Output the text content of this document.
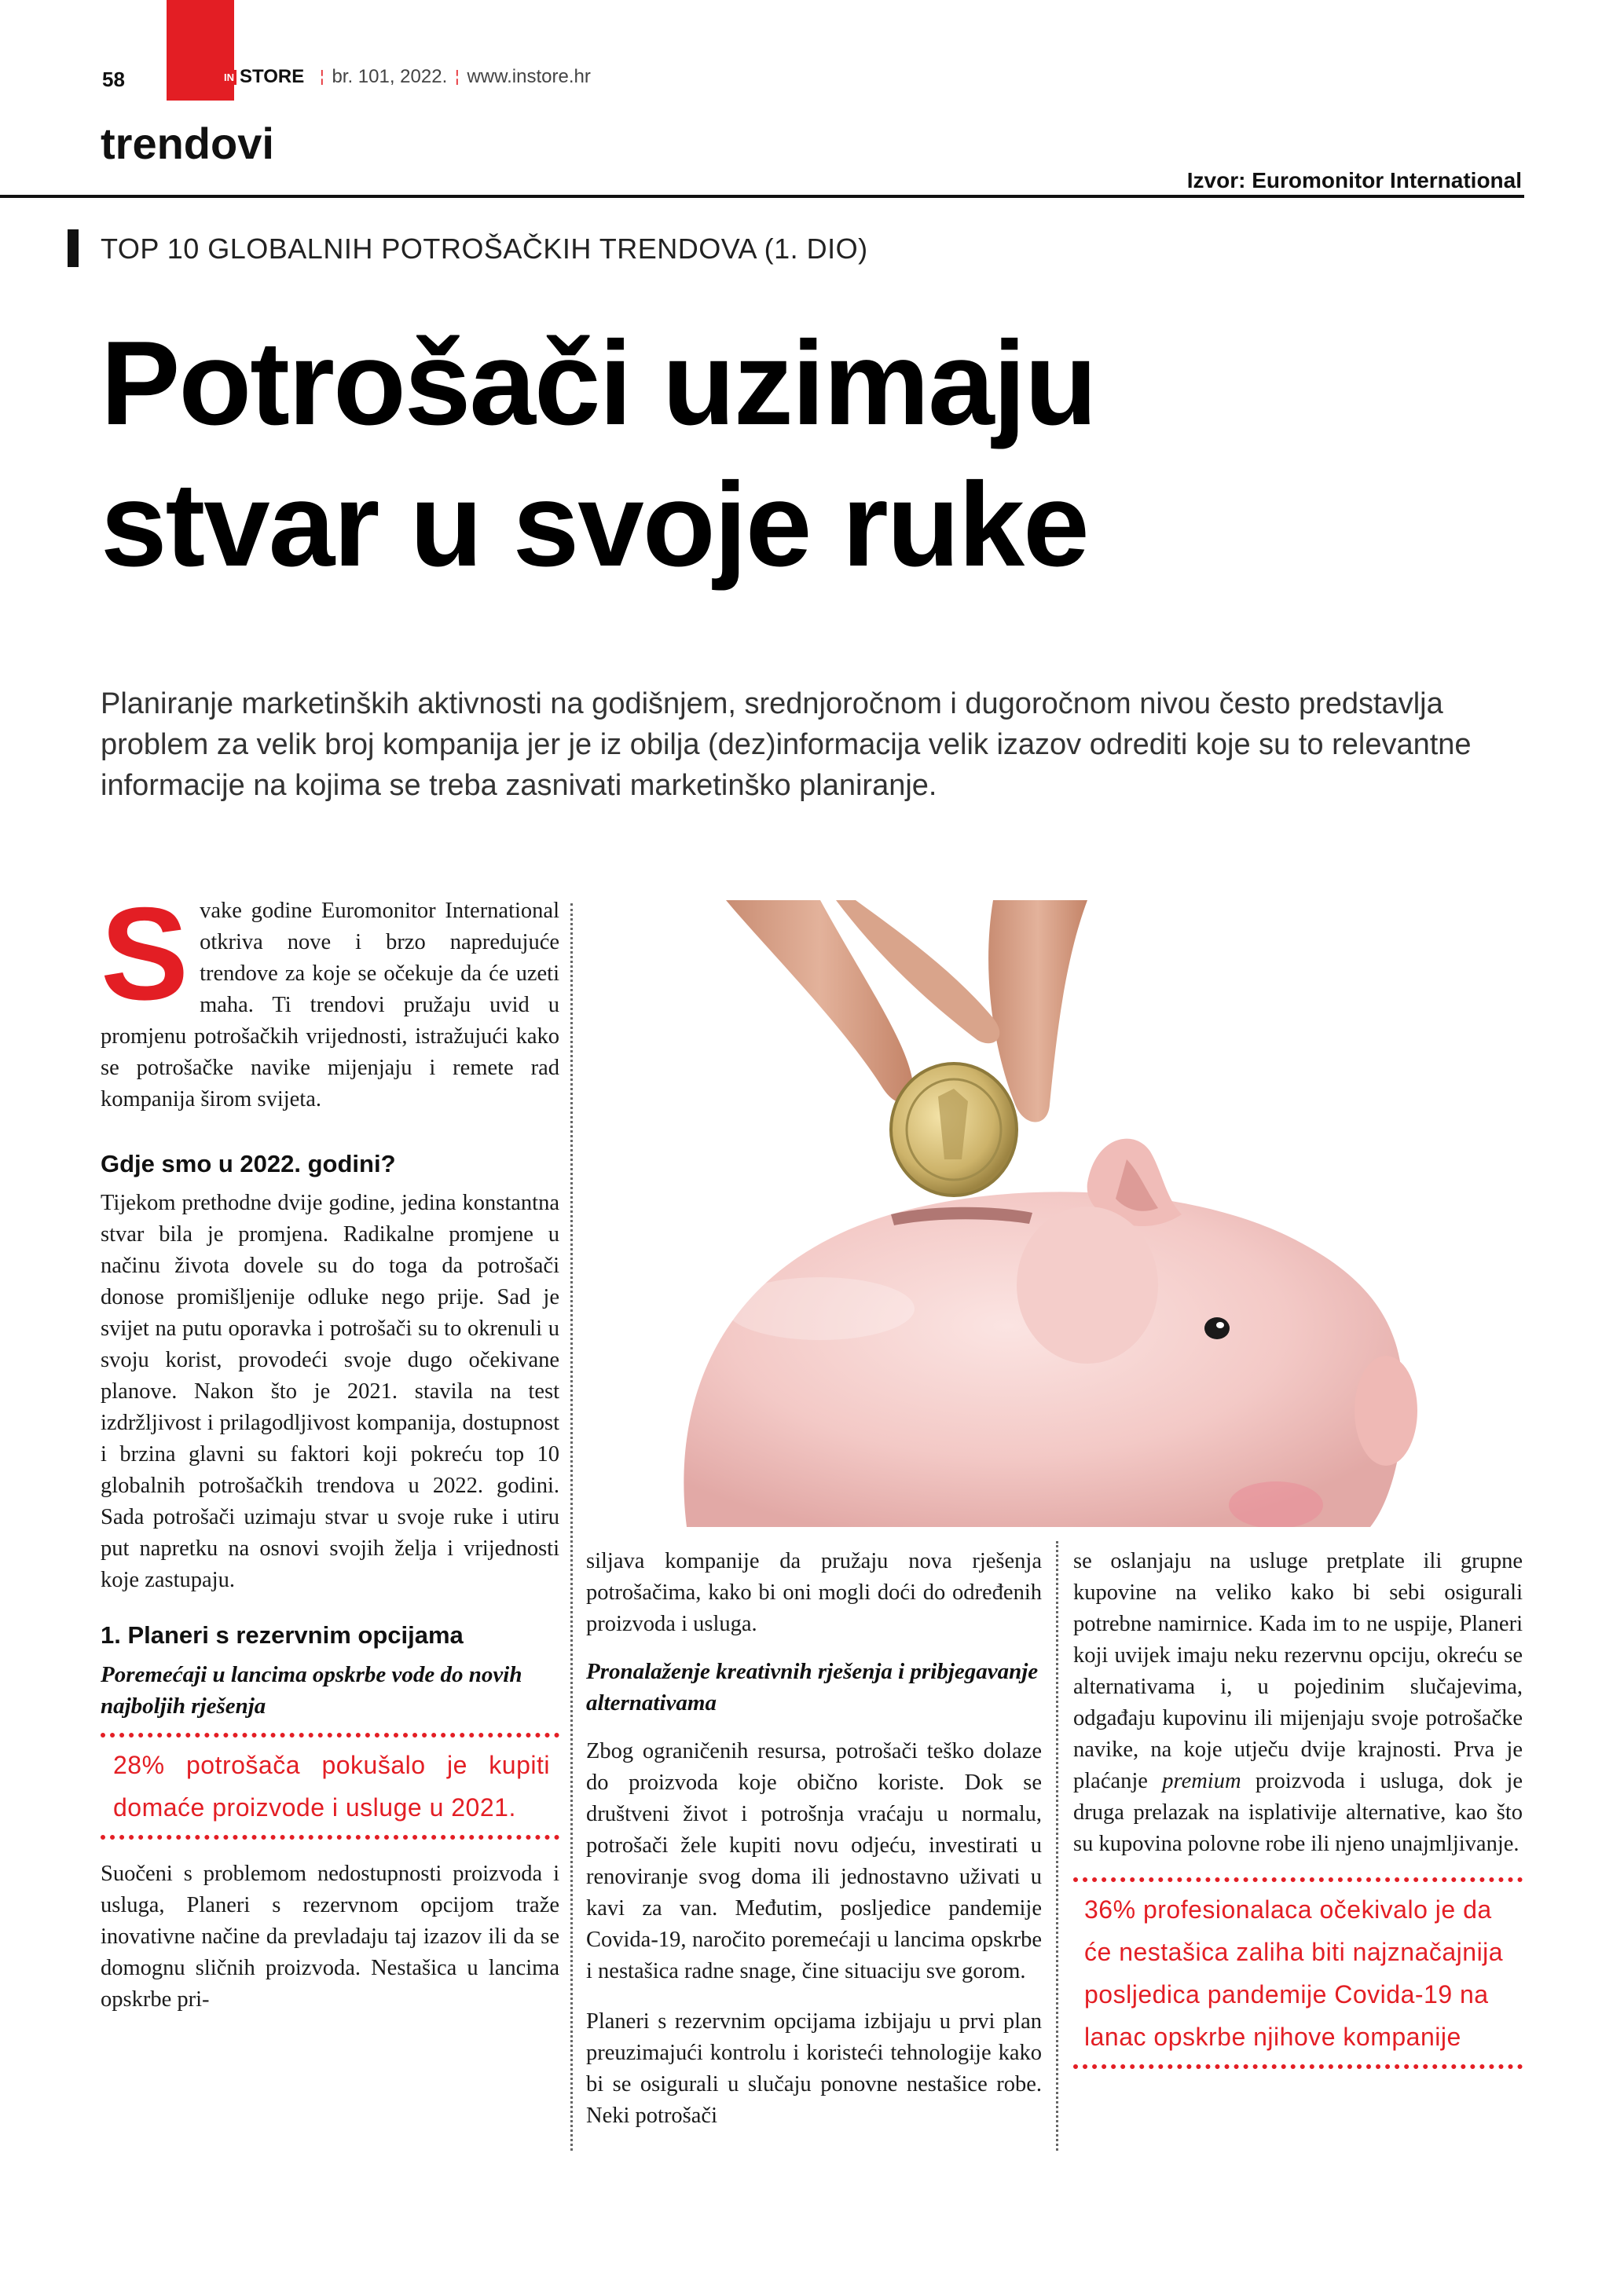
58	IN STORE ¦ br. 101, 2022. ¦ www.instore.hr
trendovi
Izvor: Euromonitor International
TOP 10 GLOBALNIH POTROŠAČKIH TRENDOVA (1. DIO)
Potrošači uzimaju
stvar u svoje ruke
Planiranje marketinških aktivnosti na godišnjem, srednjoročnom i dugoročnom nivou često predstavlja problem za velik broj kompanija jer je iz obilja (dez)informacija velik izazov odrediti koje su to relevantne informacije na kojima se treba zasnivati marketinško planiranje.

Svake godine Euromonitor International otkriva nove i brzo napredujuće trendove za koje se očekuje da će uzeti maha. Ti trendovi pružaju uvid u promjenu potrošačkih vrijednosti, istražujući kako se potrošačke navike mijenjaju i remete rad kompanija širom svijeta.

Gdje smo u 2022. godini?

Tijekom prethodne dvije godine, jedina konstantna stvar bila je promjena. Radikalne promjene u načinu života dovele su do toga da potrošači donose promišljenije odluke nego prije. Sad je svijet na putu oporavka i potrošači su to okrenuli u svoju korist, provodeći svoje dugo očekivane planove. Nakon što je 2021. stavila na test izdržljivost i prilagodljivost kompanija, dostupnost i brzina glavni su faktori koji pokreću top 10 globalnih potrošačkih trendova u 2022. godini. Sada potrošači uzimaju stvar u svoje ruke i utiru put napretku na osnovi svojih želja i vrijednosti koje zastupaju.

1. Planeri s rezervnim opcijama
Poremećaji u lancima opskrbe vode do novih najboljih rješenja
28% potrošača pokušalo je kupiti domaće proizvode i usluge u 2021.

Suočeni s problemom nedostupnosti proizvoda i usluga, Planeri s rezervnom opcijom traže inovativne načine da prevladaju taj izazov ili da se domognu sličnih proizvoda. Nestašica u lancima opskrbe pri-

siljava kompanije da pružaju nova rješenja potrošačima, kako bi oni mogli doći do određenih proizvoda i usluga.

Pronalaženje kreativnih rješenja i pribjegavanje alternativama

Zbog ograničenih resursa, potrošači teško dolaze do proizvoda koje obično koriste. Dok se društveni život i potrošnja vraćaju u normalu, potrošači žele kupiti novu odjeću, investirati u renoviranje svog doma ili jednostavno uživati u kavi za van. Međutim, posljedice pandemije Covida-19, naročito poremećaji u lancima opskrbe i nestašica radne snage, čine situaciju sve gorom.

Planeri s rezervnim opcijama izbijaju u prvi plan preuzimajući kontrolu i koristeći tehnologije kako bi se osigurali u slučaju ponovne nestašice robe. Neki potrošači

se oslanjaju na usluge pretplate ili grupne kupovine na veliko kako bi sebi osigurali potrebne namirnice. Kada im to ne uspije, Planeri koji uvijek imaju neku rezervnu opciju, okreću se alternativama i, u pojedinim slučajevima, odgađaju kupovinu ili mijenjaju svoje potrošačke navike, na koje utječu dvije krajnosti. Prva je plaćanje premium proizvoda i usluga, dok je druga prelazak na isplativije alternative, kao što su kupovina polovne robe ili njeno unajmljivanje.

36% profesionalaca očekivalo je da će nestašica zaliha biti najznačajnija posljedica pandemije Covida-19 na lanac opskrbe njihove kompanije
